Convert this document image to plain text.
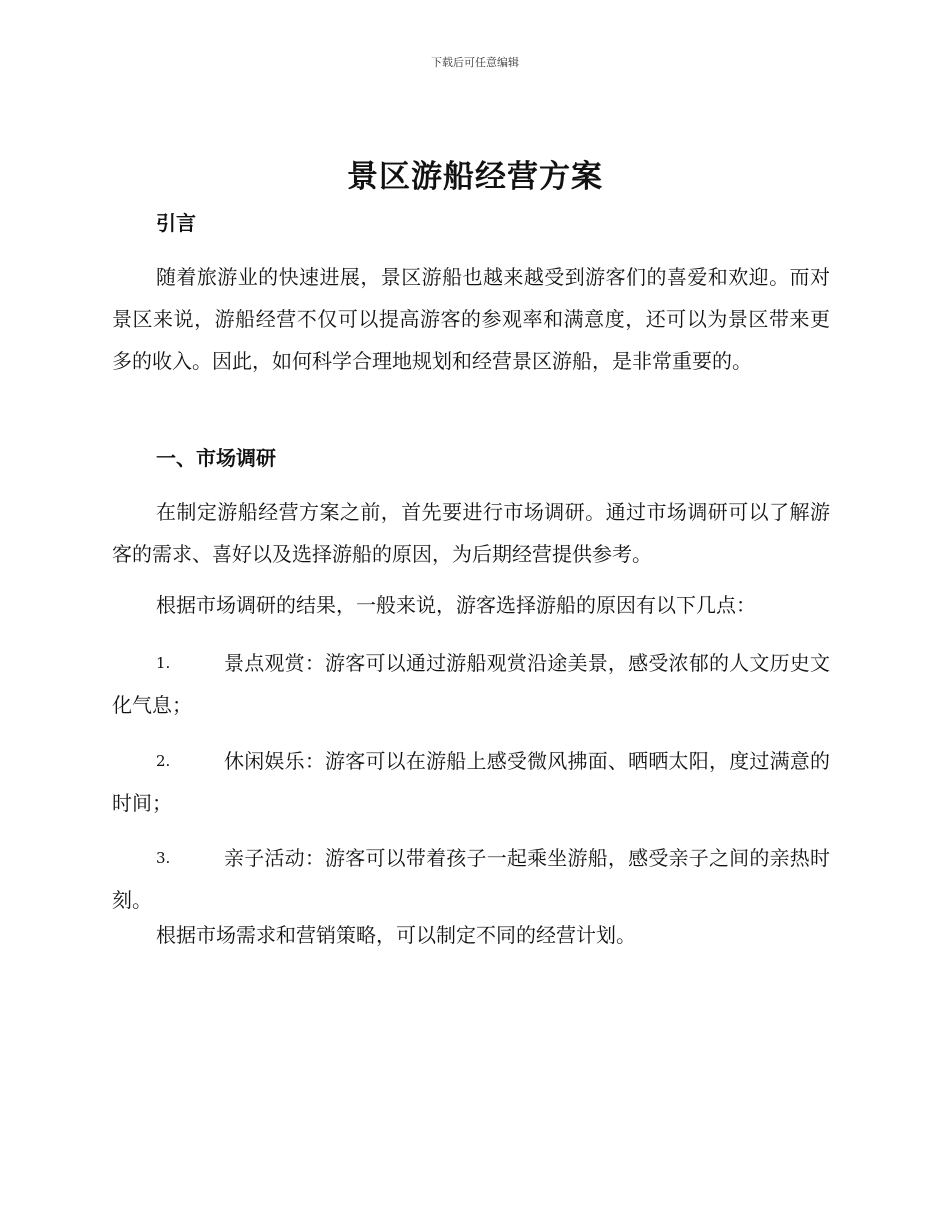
下载后可任意编辑
景区游船经营方案
引言
随着旅游业的快速进展，景区游船也越来越受到游客们的喜爱和欢迎。而对景区来说，游船经营不仅可以提高游客的参观率和满意度，还可以为景区带来更多的收入。因此，如何科学合理地规划和经营景区游船，是非常重要的。
一、市场调研
在制定游船经营方案之前，首先要进行市场调研。通过市场调研可以了解游客的需求、喜好以及选择游船的原因，为后期经营提供参考。
根据市场调研的结果，一般来说，游客选择游船的原因有以下几点：
1.	景点观赏：游客可以通过游船观赏沿途美景，感受浓郁的人文历史文化气息；
2.	休闲娱乐：游客可以在游船上感受微风拂面、晒晒太阳，度过满意的时间；
3.	亲子活动：游客可以带着孩子一起乘坐游船，感受亲子之间的亲热时刻。
根据市场需求和营销策略，可以制定不同的经营计划。
